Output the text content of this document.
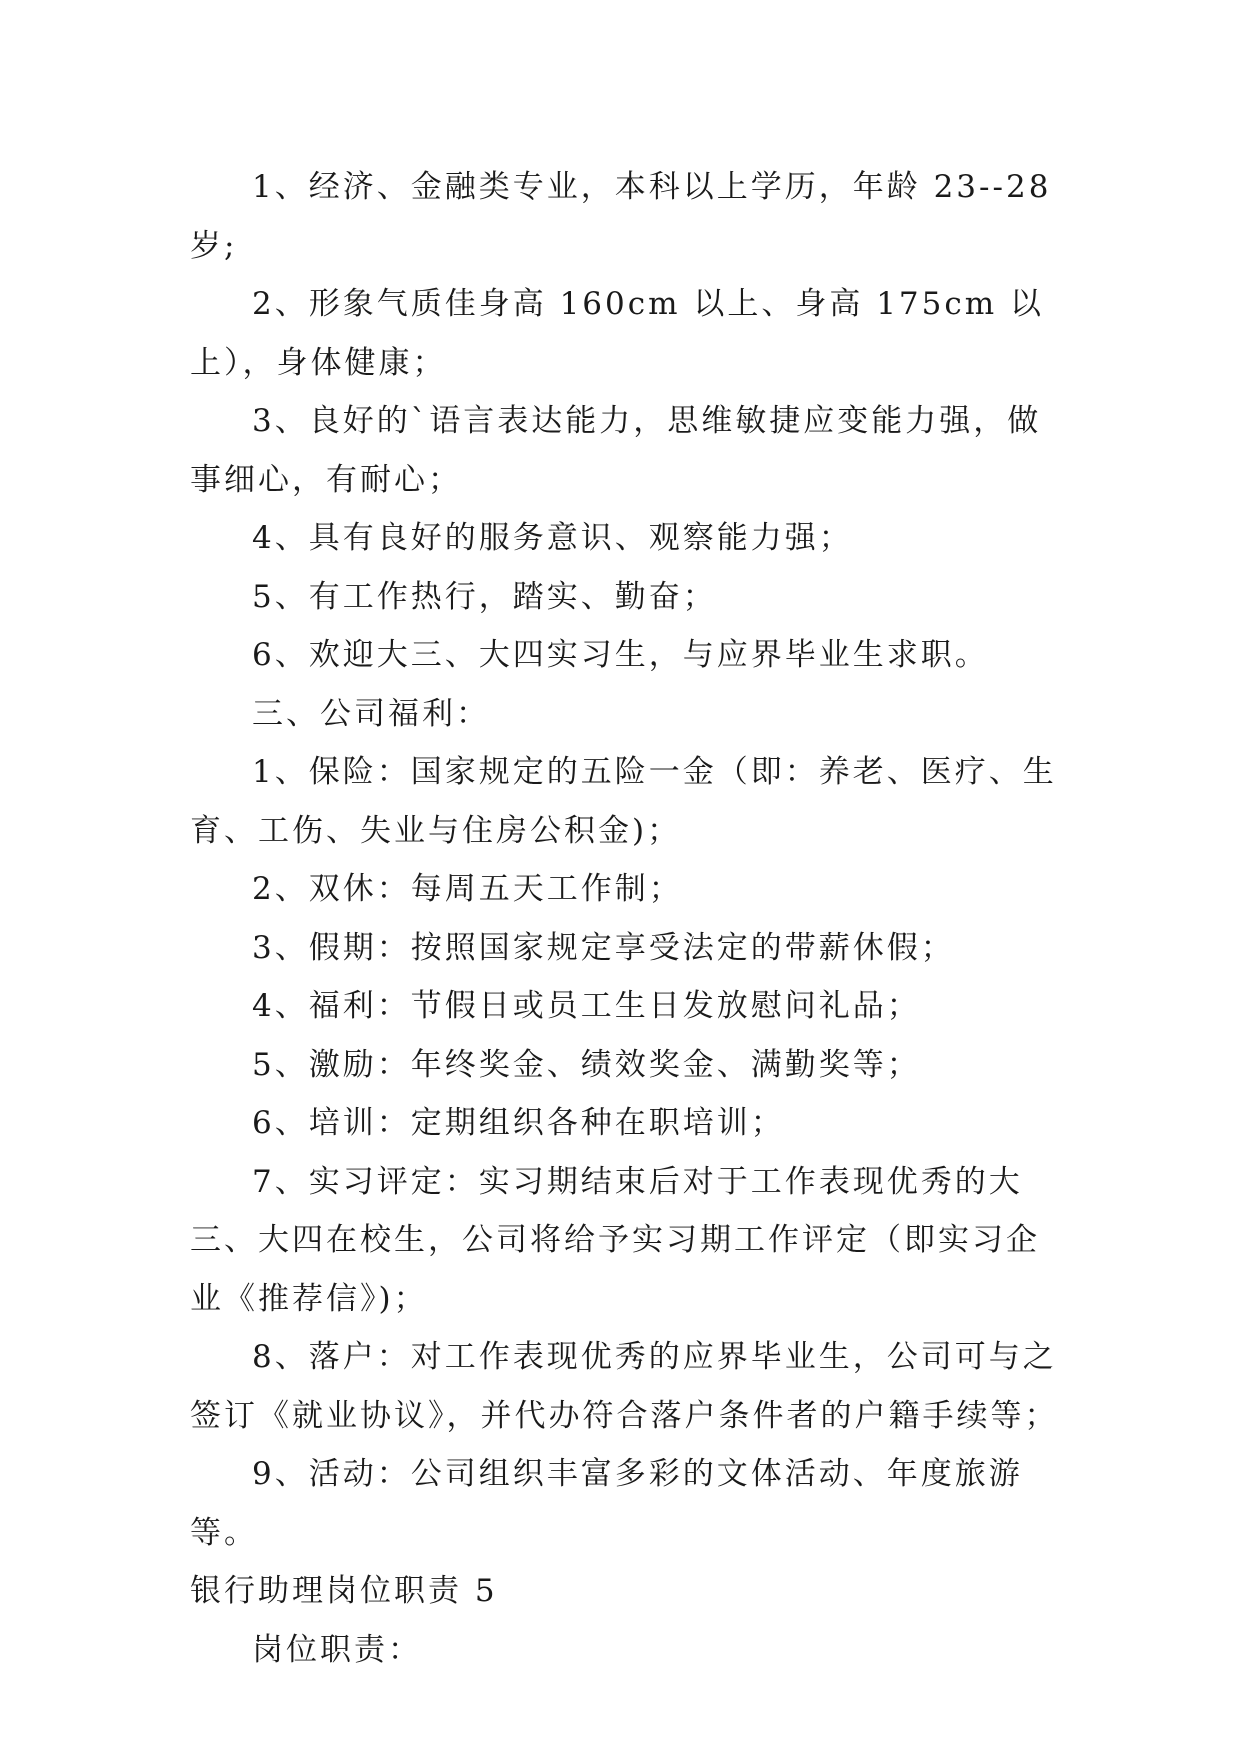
1、经济、金融类专业，本科以上学历，年龄 23--28 岁;

2、形象气质佳身高 160cm 以上、身高 175cm 以上），身体健康；

3、良好的`语言表达能力，思维敏捷应变能力强，做事细心，有耐心；

4、具有良好的服务意识、观察能力强；

5、有工作热行，踏实、勤奋；

6、欢迎大三、大四实习生，与应界毕业生求职。

三、公司福利：

1、保险：国家规定的五险一金（即：养老、医疗、生育、工伤、失业与住房公积金)；

2、双休：每周五天工作制；

3、假期：按照国家规定享受法定的带薪休假；

4、福利：节假日或员工生日发放慰问礼品；

5、激励：年终奖金、绩效奖金、满勤奖等；

6、培训：定期组织各种在职培训；

7、实习评定：实习期结束后对于工作表现优秀的大三、大四在校生，公司将给予实习期工作评定（即实习企业《推荐信》)；

8、落户：对工作表现优秀的应界毕业生，公司可与之签订《就业协议》，并代办符合落户条件者的户籍手续等；

9、活动：公司组织丰富多彩的文体活动、年度旅游等。

银行助理岗位职责 5

岗位职责：
